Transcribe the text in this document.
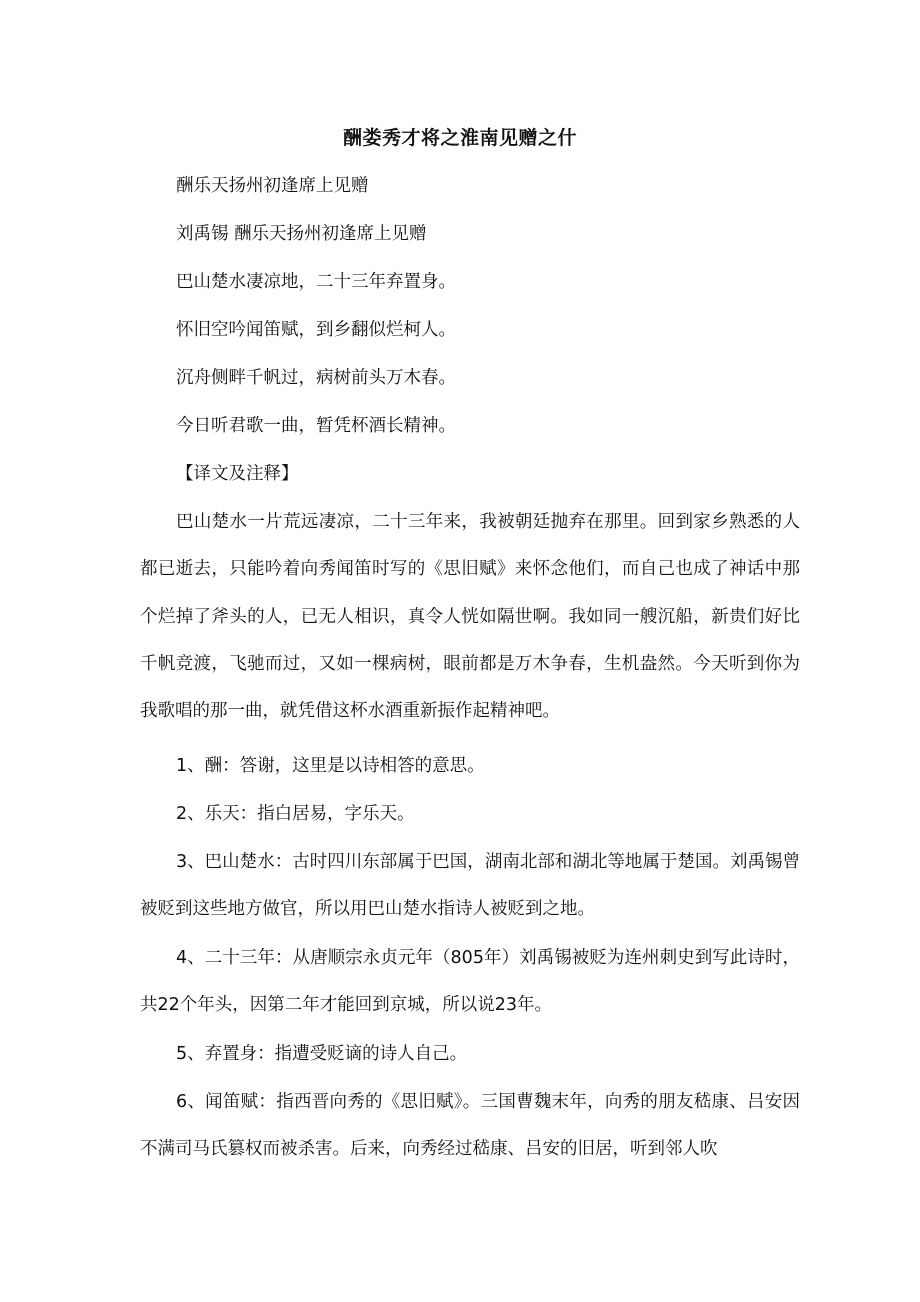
酬娄秀才将之淮南见赠之什
酬乐天扬州初逢席上见赠
刘禹锡 酬乐天扬州初逢席上见赠
巴山楚水凄凉地，二十三年弃置身。
怀旧空吟闻笛赋，到乡翻似烂柯人。
沉舟侧畔千帆过，病树前头万木春。
今日听君歌一曲，暂凭杯酒长精神。
【译文及注释】
巴山楚水一片荒远凄凉，二十三年来，我被朝廷抛弃在那里。回到家乡熟悉的人都已逝去，只能吟着向秀闻笛时写的《思旧赋》来怀念他们，而自己也成了神话中那个烂掉了斧头的人，已无人相识，真令人恍如隔世啊。我如同一艘沉船，新贵们好比千帆竞渡，飞驰而过，又如一棵病树，眼前都是万木争春，生机盎然。今天听到你为我歌唱的那一曲，就凭借这杯水酒重新振作起精神吧。
1、酬：答谢，这里是以诗相答的意思。
2、乐天：指白居易，字乐天。
3、巴山楚水：古时四川东部属于巴国，湖南北部和湖北等地属于楚国。刘禹锡曾被贬到这些地方做官，所以用巴山楚水指诗人被贬到之地。
4、二十三年：从唐顺宗永贞元年（805年）刘禹锡被贬为连州刺史到写此诗时，共22个年头，因第二年才能回到京城，所以说23年。
5、弃置身：指遭受贬谪的诗人自己。
6、闻笛赋：指西晋向秀的《思旧赋》。三国曹魏末年，向秀的朋友嵇康、吕安因不满司马氏篡权而被杀害。后来，向秀经过嵇康、吕安的旧居，听到邻人吹
